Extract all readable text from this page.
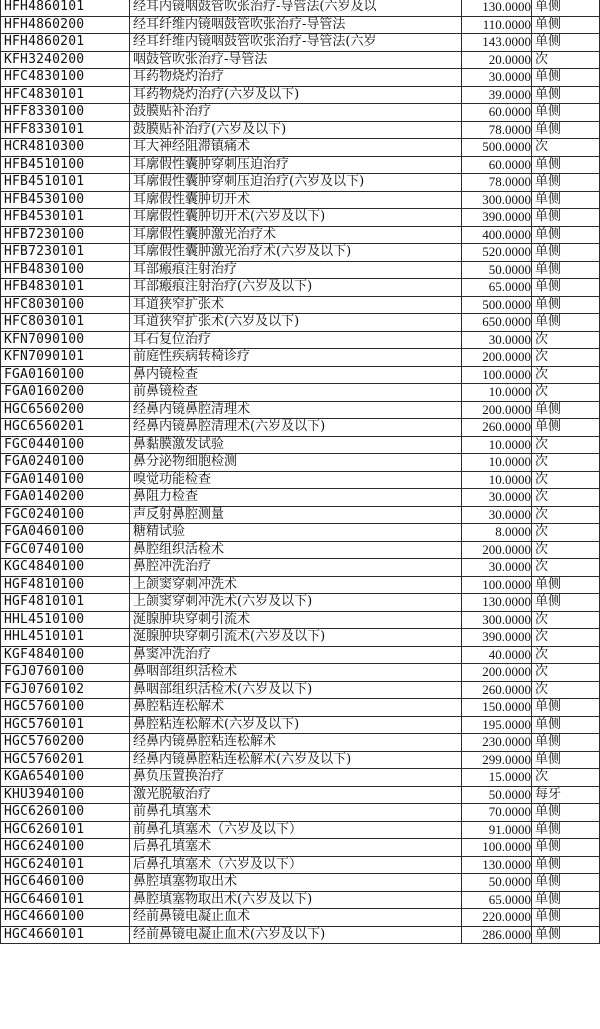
HFH4860101	经耳内镜咽鼓管吹张治疗-导管法(六岁及以	130.0000	单侧
HFH4860200	经耳纤维内镜咽鼓管吹张治疗-导管法	110.0000	单侧
HFH4860201	经耳纤维内镜咽鼓管吹张治疗-导管法(六岁	143.0000	单侧
KFH3240200	咽鼓管吹张治疗-导管法	20.0000	次
HFC4830100	耳药物烧灼治疗	30.0000	单侧
HFC4830101	耳药物烧灼治疗(六岁及以下)	39.0000	单侧
HFF8330100	鼓膜贴补治疗	60.0000	单侧
HFF8330101	鼓膜贴补治疗(六岁及以下)	78.0000	单侧
HCR4810300	耳大神经阻滞镇痛术	500.0000	次
HFB4510100	耳廓假性囊肿穿刺压迫治疗	60.0000	单侧
HFB4510101	耳廓假性囊肿穿刺压迫治疗(六岁及以下)	78.0000	单侧
HFB4530100	耳廓假性囊肿切开术	300.0000	单侧
HFB4530101	耳廓假性囊肿切开术(六岁及以下)	390.0000	单侧
HFB7230100	耳廓假性囊肿激光治疗术	400.0000	单侧
HFB7230101	耳廓假性囊肿激光治疗术(六岁及以下)	520.0000	单侧
HFB4830100	耳部瘢痕注射治疗	50.0000	单侧
HFB4830101	耳部瘢痕注射治疗(六岁及以下)	65.0000	单侧
HFC8030100	耳道狭窄扩张术	500.0000	单侧
HFC8030101	耳道狭窄扩张术(六岁及以下)	650.0000	单侧
KFN7090100	耳石复位治疗	30.0000	次
KFN7090101	前庭性疾病转椅诊疗	200.0000	次
FGA0160100	鼻内镜检查	100.0000	次
FGA0160200	前鼻镜检查	10.0000	次
HGC6560200	经鼻内镜鼻腔清理术	200.0000	单侧
HGC6560201	经鼻内镜鼻腔清理术(六岁及以下)	260.0000	单侧
FGC0440100	鼻黏膜激发试验	10.0000	次
FGA0240100	鼻分泌物细胞检测	10.0000	次
FGA0140100	嗅觉功能检查	10.0000	次
FGA0140200	鼻阻力检查	30.0000	次
FGC0240100	声反射鼻腔测量	30.0000	次
FGA0460100	糖精试验	8.0000	次
FGC0740100	鼻腔组织活检术	200.0000	次
KGC4840100	鼻腔冲洗治疗	30.0000	次
HGF4810100	上颌窦穿刺冲洗术	100.0000	单侧
HGF4810101	上颌窦穿刺冲洗术(六岁及以下)	130.0000	单侧
HHL4510100	涎腺肿块穿刺引流术	300.0000	次
HHL4510101	涎腺肿块穿刺引流术(六岁及以下)	390.0000	次
KGF4840100	鼻窦冲洗治疗	40.0000	次
FGJ0760100	鼻咽部组织活检术	200.0000	次
FGJ0760102	鼻咽部组织活检术(六岁及以下)	260.0000	次
HGC5760100	鼻腔粘连松解术	150.0000	单侧
HGC5760101	鼻腔粘连松解术(六岁及以下)	195.0000	单侧
HGC5760200	经鼻内镜鼻腔粘连松解术	230.0000	单侧
HGC5760201	经鼻内镜鼻腔粘连松解术(六岁及以下)	299.0000	单侧
KGA6540100	鼻负压置换治疗	15.0000	次
KHU3940100	激光脱敏治疗	50.0000	每牙
HGC6260100	前鼻孔填塞术	70.0000	单侧
HGC6260101	前鼻孔填塞术（六岁及以下）	91.0000	单侧
HGC6240100	后鼻孔填塞术	100.0000	单侧
HGC6240101	后鼻孔填塞术（六岁及以下）	130.0000	单侧
HGC6460100	鼻腔填塞物取出术	50.0000	单侧
HGC6460101	鼻腔填塞物取出术(六岁及以下)	65.0000	单侧
HGC4660100	经前鼻镜电凝止血术	220.0000	单侧
HGC4660101	经前鼻镜电凝止血术(六岁及以下)	286.0000	单侧
